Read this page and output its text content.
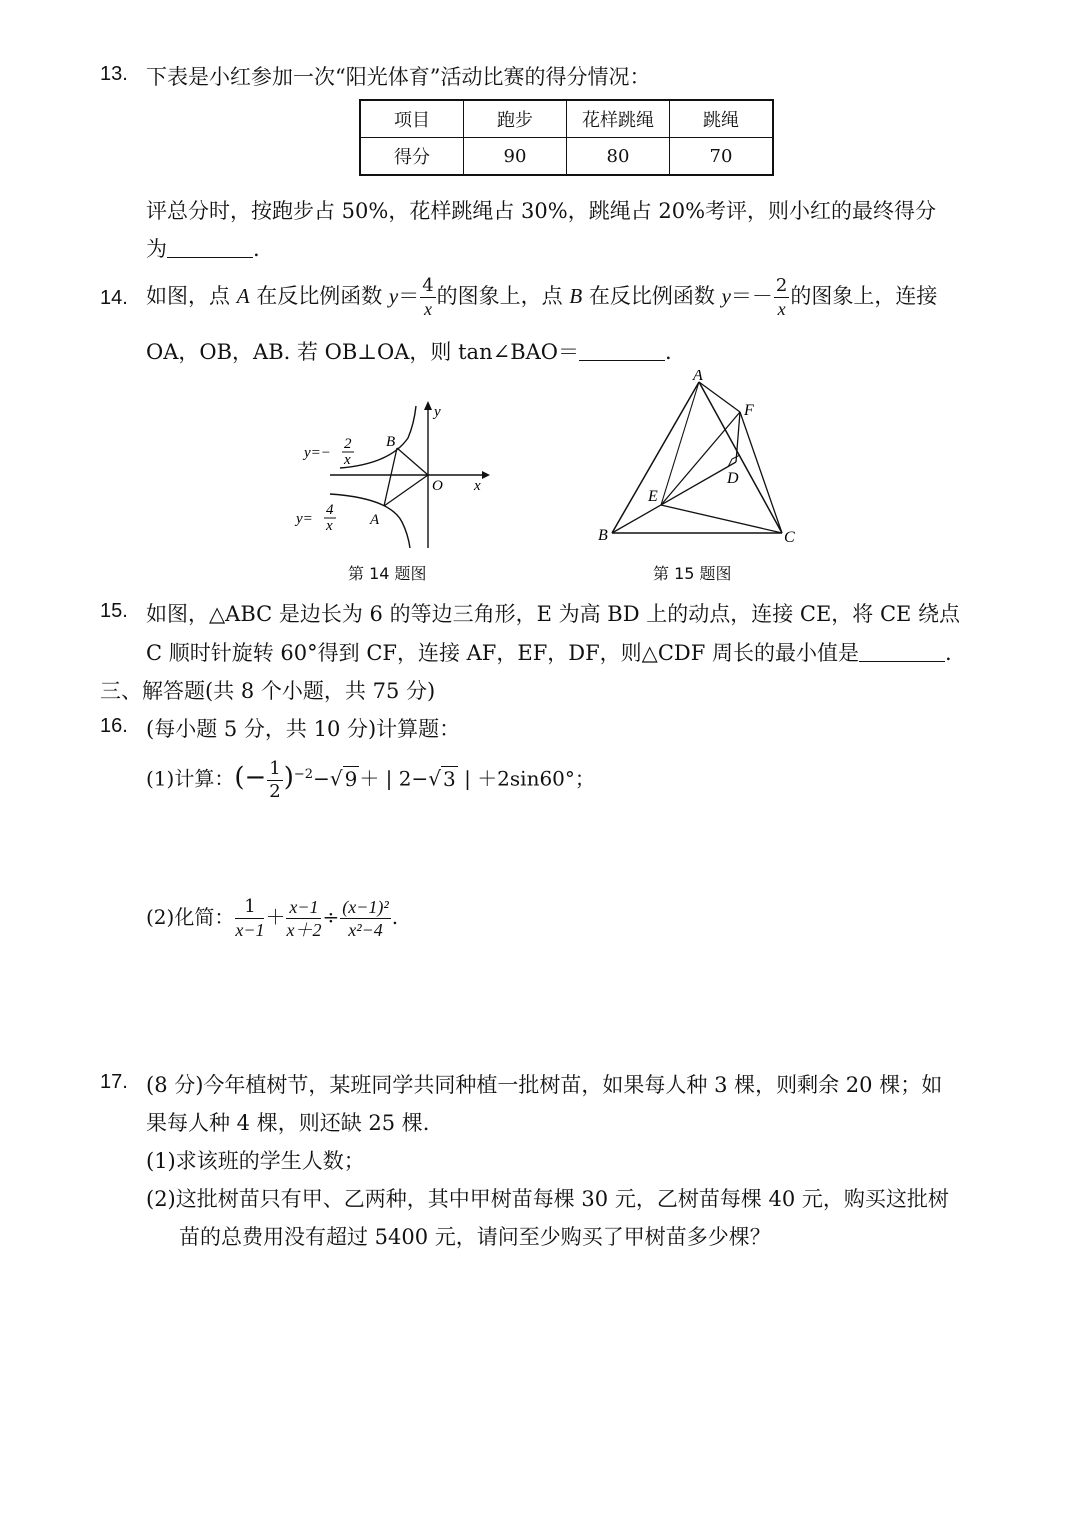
13. 下表是小红参加一次“阳光体育”活动比赛的得分情况：
项目	跑步	花样跳绳	跳绳
得分	90	80	70
评总分时，按跑步占 50%，花样跳绳占 30%，跳绳占 20%考评，则小红的最终得分
为	.
14. 如图，点 A 在反比例函数 $y= \frac{4}{x}$ 的图象上，点 B 在反比例函数 $y=- \frac{2}{x}$ 的图象上，连接
OA，OB，AB. 若 OB⊥OA，则 tan∠BAO＝	.
y
x
O
B
A
y=−
2
x
y=
4
x
第 14 题图
A
F
D
E
B	C
第 15 题图
15. 如图，△ABC 是边长为 6 的等边三角形，E 为高 BD 上的动点，连接 CE，将 CE 绕点
C 顺时针旋转 60°得到 CF，连接 AF，EF，DF，则△CDF 周长的最小值是	.
三、解答题(共 8 个小题，共 75 分)
16. (每小题 5 分，共 10 分)计算题：
(1)计算：(− $\frac{1}{2} )^{-2}-√$ 9 ＋ | 2−√ 3 | ＋2sin60°；
(2)化简： $\frac{1}{x-1} + \frac{x-1}{x+2} \div \frac{\text{(x−1)²}}{\text{x²−4}}$ .
17. (8 分)今年植树节，某班同学共同种植一批树苗，如果每人种 3 棵，则剩余 20 棵；如
果每人种 4 棵，则还缺 25 棵.
(1)求该班的学生人数；
(2)这批树苗只有甲、乙两种，其中甲树苗每棵 30 元，乙树苗每棵 40 元，购买这批树
苗的总费用没有超过 5400 元，请问至少购买了甲树苗多少棵？
